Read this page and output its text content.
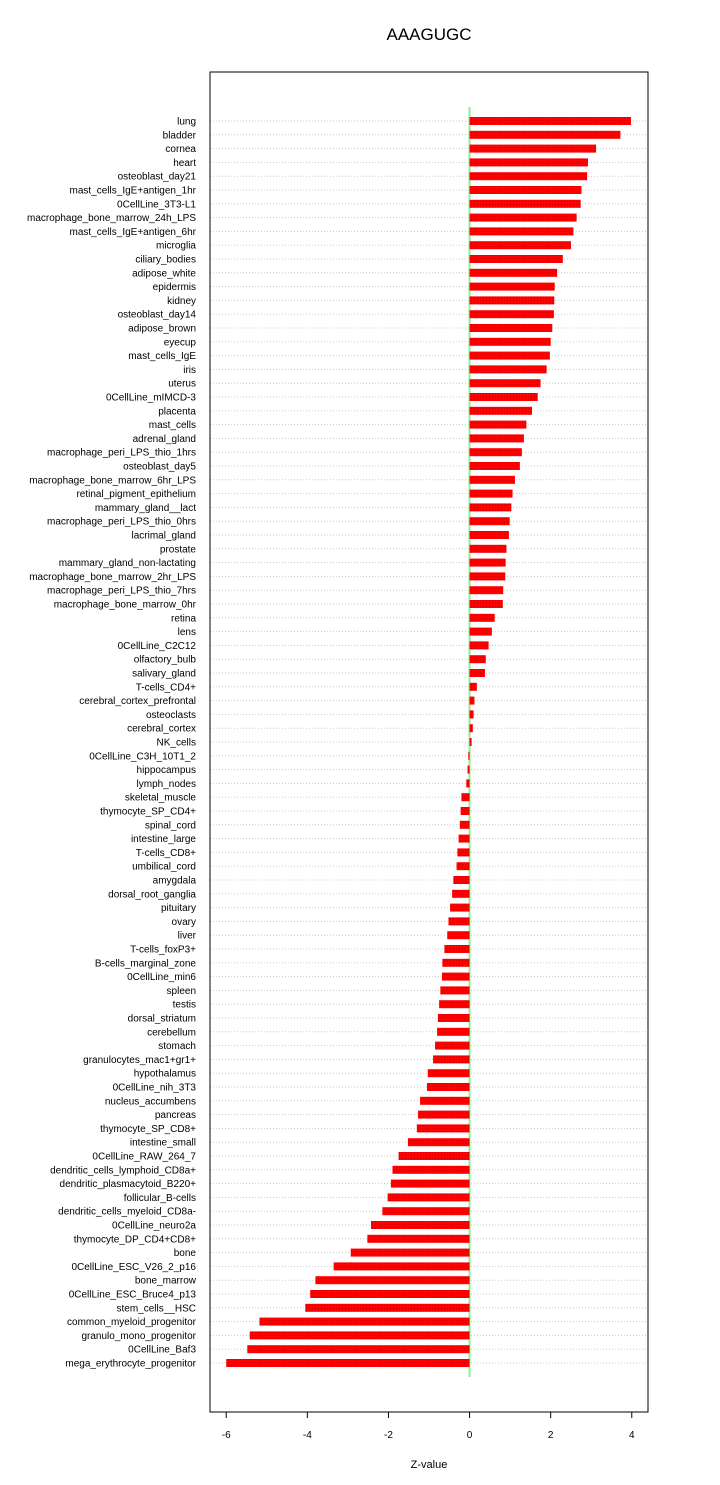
AAAGUGC
lung
bladder
cornea
heart
osteoblast_day21
mast_cells_IgE+antigen_1hr
0CellLine_3T3-L1
macrophage_bone_marrow_24h_LPS
mast_cells_IgE+antigen_6hr
microglia
ciliary_bodies
adipose_white
epidermis
kidney
osteoblast_day14
adipose_brown
eyecup
mast_cells_IgE
iris
uterus
0CellLine_mIMCD-3
placenta
mast_cells
adrenal_gland
macrophage_peri_LPS_thio_1hrs
osteoblast_day5
macrophage_bone_marrow_6hr_LPS
retinal_pigment_epithelium
mammary_gland__lact
macrophage_peri_LPS_thio_0hrs
lacrimal_gland
prostate
mammary_gland_non-lactating
macrophage_bone_marrow_2hr_LPS
macrophage_peri_LPS_thio_7hrs
macrophage_bone_marrow_0hr
retina
lens
0CellLine_C2C12
olfactory_bulb
salivary_gland
T-cells_CD4+
cerebral_cortex_prefrontal
osteoclasts
cerebral_cortex
NK_cells
0CellLine_C3H_10T1_2
hippocampus
lymph_nodes
skeletal_muscle
thymocyte_SP_CD4+
spinal_cord
intestine_large
T-cells_CD8+
umbilical_cord
amygdala
dorsal_root_ganglia
pituitary
ovary
liver
T-cells_foxP3+
B-cells_marginal_zone
0CellLine_min6
spleen
testis
dorsal_striatum
cerebellum
stomach
granulocytes_mac1+gr1+
hypothalamus
0CellLine_nih_3T3
nucleus_accumbens
pancreas
thymocyte_SP_CD8+
intestine_small
0CellLine_RAW_264_7
dendritic_cells_lymphoid_CD8a+
dendritic_plasmacytoid_B220+
follicular_B-cells
dendritic_cells_myeloid_CD8a-
0CellLine_neuro2a
thymocyte_DP_CD4+CD8+
bone
0CellLine_ESC_V26_2_p16
bone_marrow
0CellLine_ESC_Bruce4_p13
stem_cells__HSC
common_myeloid_progenitor
granulo_mono_progenitor
0CellLine_Baf3
mega_erythrocyte_progenitor
-6	-4	-2	0	2	4
Z-value
